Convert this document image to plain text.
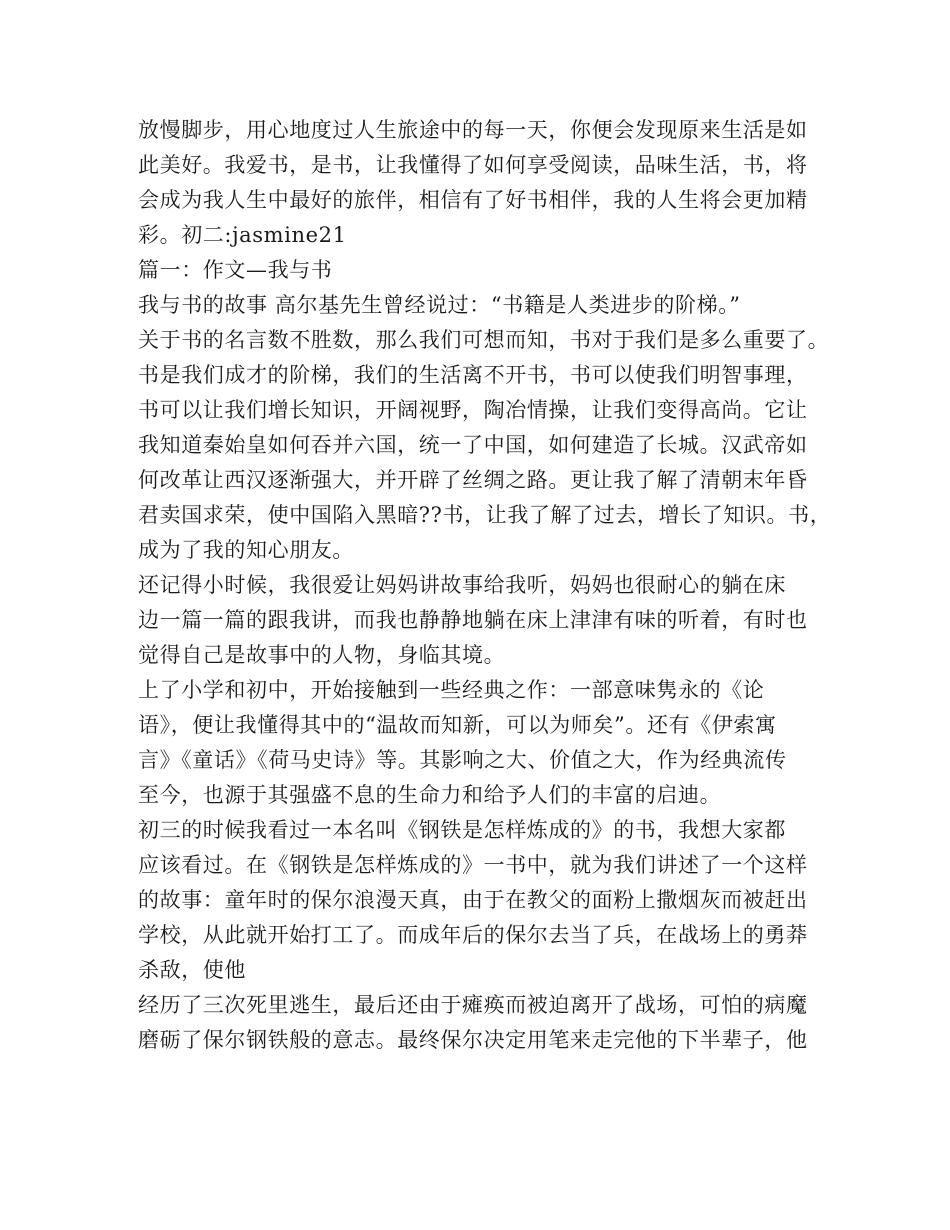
放慢脚步，用心地度过人生旅途中的每一天，你便会发现原来生活是如
此美好。我爱书，是书，让我懂得了如何享受阅读，品味生活，书，将
会成为我人生中最好的旅伴，相信有了好书相伴，我的人生将会更加精
彩。初二:jasmine21
篇一：作文—我与书
我与书的故事 高尔基先生曾经说过：“书籍是人类进步的阶梯。”
关于书的名言数不胜数，那么我们可想而知，书对于我们是多么重要了。
书是我们成才的阶梯，我们的生活离不开书，书可以使我们明智事理，
书可以让我们增长知识，开阔视野，陶冶情操，让我们变得高尚。它让
我知道秦始皇如何吞并六国，统一了中国，如何建造了长城。汉武帝如
何改革让西汉逐渐强大，并开辟了丝绸之路。更让我了解了清朝末年昏
君卖国求荣，使中国陷入黑暗??书，让我了解了过去，增长了知识。书，
成为了我的知心朋友。
还记得小时候，我很爱让妈妈讲故事给我听，妈妈也很耐心的躺在床
边一篇一篇的跟我讲，而我也静静地躺在床上津津有味的听着，有时也
觉得自己是故事中的人物，身临其境。
上了小学和初中，开始接触到一些经典之作：一部意味隽永的《论
语》，便让我懂得其中的“温故而知新，可以为师矣”。还有《伊索寓
言》《童话》《荷马史诗》等。其影响之大、价值之大，作为经典流传
至今，也源于其强盛不息的生命力和给予人们的丰富的启迪。
初三的时候我看过一本名叫《钢铁是怎样炼成的》的书，我想大家都
应该看过。在《钢铁是怎样炼成的》一书中，就为我们讲述了一个这样
的故事：童年时的保尔浪漫天真，由于在教父的面粉上撒烟灰而被赶出
学校，从此就开始打工了。而成年后的保尔去当了兵，在战场上的勇莽
杀敌，使他
经历了三次死里逃生，最后还由于瘫痪而被迫离开了战场，可怕的病魔
磨砺了保尔钢铁般的意志。最终保尔决定用笔来走完他的下半辈子，他
